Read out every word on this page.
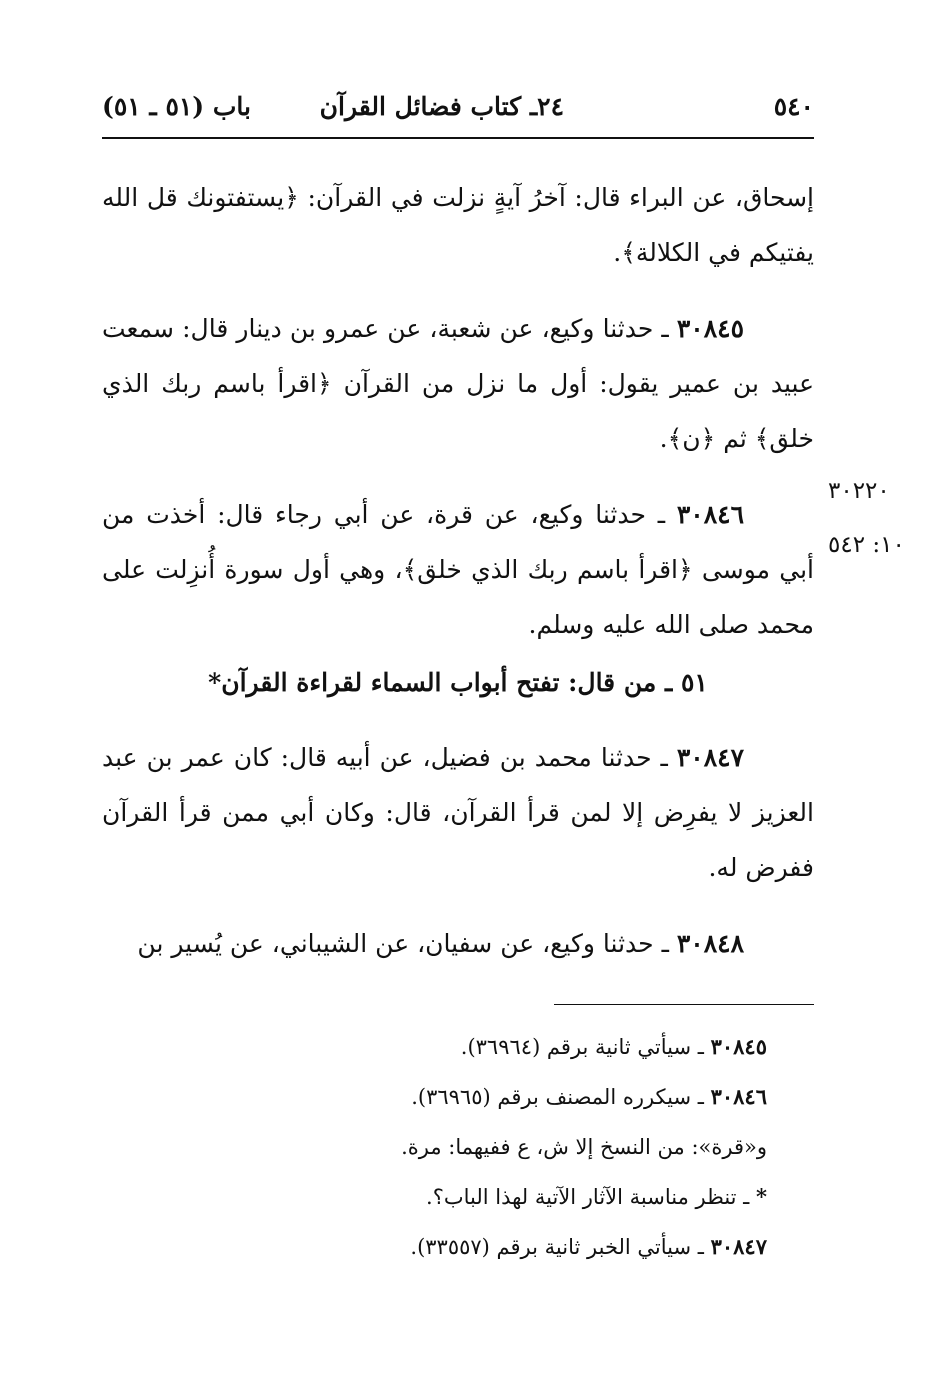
٥٤٠
٢٤ـ كتاب فضائل القرآن
باب (٥١ ـ ٥١)

إسحاق، عن البراء قال: آخرُ آيةٍ نزلت في القرآن: ﴿يستفتونك قل الله يفتيكم في الكلالة﴾.

٣٠٨٤٥ ـ حدثنا وكيع، عن شعبة، عن عمرو بن دينار قال: سمعت عبيد بن عمير يقول: أول ما نزل من القرآن ﴿اقرأ باسم ربك الذي خلق﴾ ثم ﴿ن﴾.

٣٠٨٤٦ ـ حدثنا وكيع، عن قرة، عن أبي رجاء قال: أخذت من أبي موسى ﴿اقرأ باسم ربك الذي خلق﴾، وهي أول سورة أُنزِلت على محمد صلى الله عليه وسلم.

٣٠٢٢٠
١٠: ٥٤٢
٥١ ـ من قال: تفتح أبواب السماء لقراءة القرآن*

٣٠٨٤٧ ـ حدثنا محمد بن فضيل، عن أبيه قال: كان عمر بن عبد العزيز لا يفرِض إلا لمن قرأ القرآن، قال: وكان أبي ممن قرأ القرآن ففرض له.

٣٠٨٤٨ ـ حدثنا وكيع، عن سفيان، عن الشيباني، عن يُسير بن

٣٠٨٤٥ ـ سيأتي ثانية برقم (٣٦٩٦٤).

٣٠٨٤٦ ـ سيكرره المصنف برقم (٣٦٩٦٥).

و«قرة»: من النسخ إلا ش، ع ففيهما: مرة.

* ـ تنظر مناسبة الآثار الآتية لهذا الباب؟.

٣٠٨٤٧ ـ سيأتي الخبر ثانية برقم (٣٣٥٥٧).
